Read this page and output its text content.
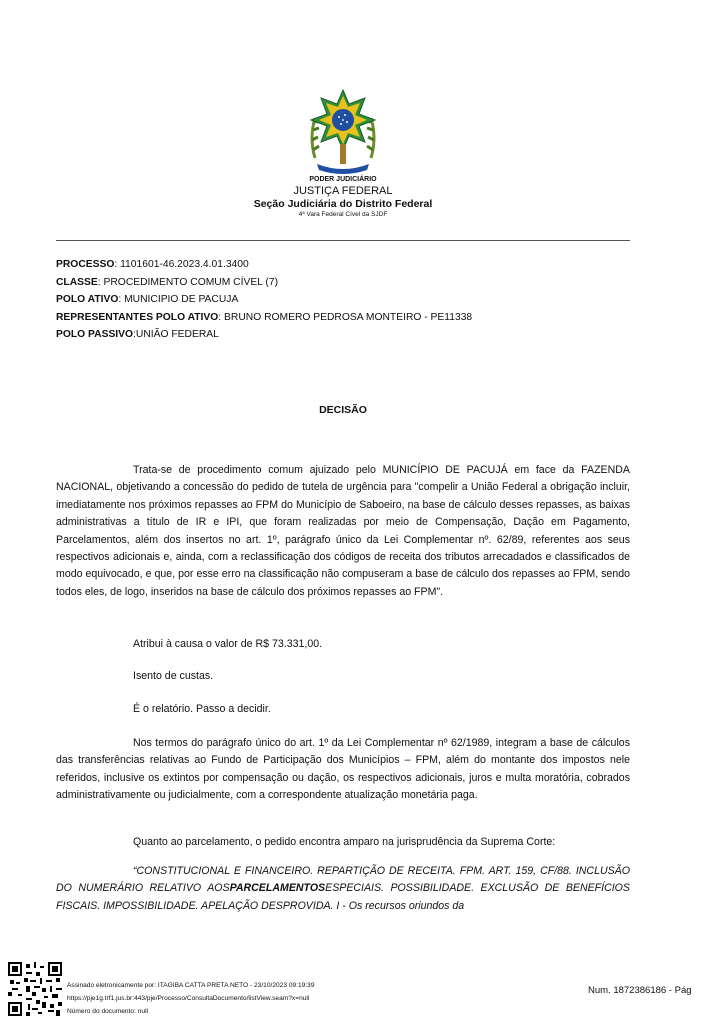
PODER JUDICIÁRIO
JUSTIÇA FEDERAL
Seção Judiciária do Distrito Federal
4ª Vara Federal Cível da SJDF
PROCESSO: 1101601-46.2023.4.01.3400
CLASSE: PROCEDIMENTO COMUM CÍVEL (7)
POLO ATIVO: MUNICIPIO DE PACUJA
REPRESENTANTES POLO ATIVO: BRUNO ROMERO PEDROSA MONTEIRO - PE11338
POLO PASSIVO:UNIÃO FEDERAL
DECISÃO

Trata-se de procedimento comum ajuizado pelo MUNICÍPIO DE PACUJÁ em face da FAZENDA NACIONAL, objetivando a concessão do pedido de tutela de urgência para "compelir a União Federal a obrigação incluir, imediatamente nos próximos repasses ao FPM do Município de Saboeiro, na base de cálculo desses repasses, as baixas administrativas a título de IR e IPI, que foram realizadas por meio de Compensação, Dação em Pagamento, Parcelamentos, além dos insertos no art. 1º, parágrafo único da Lei Complementar nº. 62/89, referentes aos seus respectivos adicionais e, ainda, com a reclassificação dos códigos de receita dos tributos arrecadados e classificados de modo equivocado, e que, por esse erro na classificação não compuseram a base de cálculo dos repasses ao FPM, sendo todos eles, de logo, inseridos na base de cálculo dos próximos repasses ao FPM".

Atribui à causa o valor de R$ 73.331,00.

Isento de custas.

É o relatório. Passo a decidir.

Nos termos do parágrafo único do art. 1º da Lei Complementar nº 62/1989, integram a base de cálculos das transferências relativas ao Fundo de Participação dos Municípios – FPM, além do montante dos impostos nele referidos, inclusive os extintos por compensação ou dação, os respectivos adicionais, juros e multa moratória, cobrados administrativamente ou judicialmente, com a correspondente atualização monetária paga.

Quanto ao parcelamento, o pedido encontra amparo na jurisprudência da Suprema Corte:

“CONSTITUCIONAL E FINANCEIRO. REPARTIÇÃO DE RECEITA. FPM. ART. 159, CF/88. INCLUSÃO DO NUMERÁRIO RELATIVO AOSPARCELAMENTOSESPECIAIS. POSSIBILIDADE. EXCLUSÃO DE BENEFÍCIOS FISCAIS. IMPOSSIBILIDADE. APELAÇÃO DESPROVIDA. I - Os recursos oriundos da

Assinado eletronicamente por: ITAGIBA CATTA PRETA NETO - 23/10/2023 09:19:39
https://pje1g.trf1.jus.br:443/pje/Processo/ConsultaDocumento/listView.seam?x=null
Número do documento: null
Num. 1872386186 - Pág
